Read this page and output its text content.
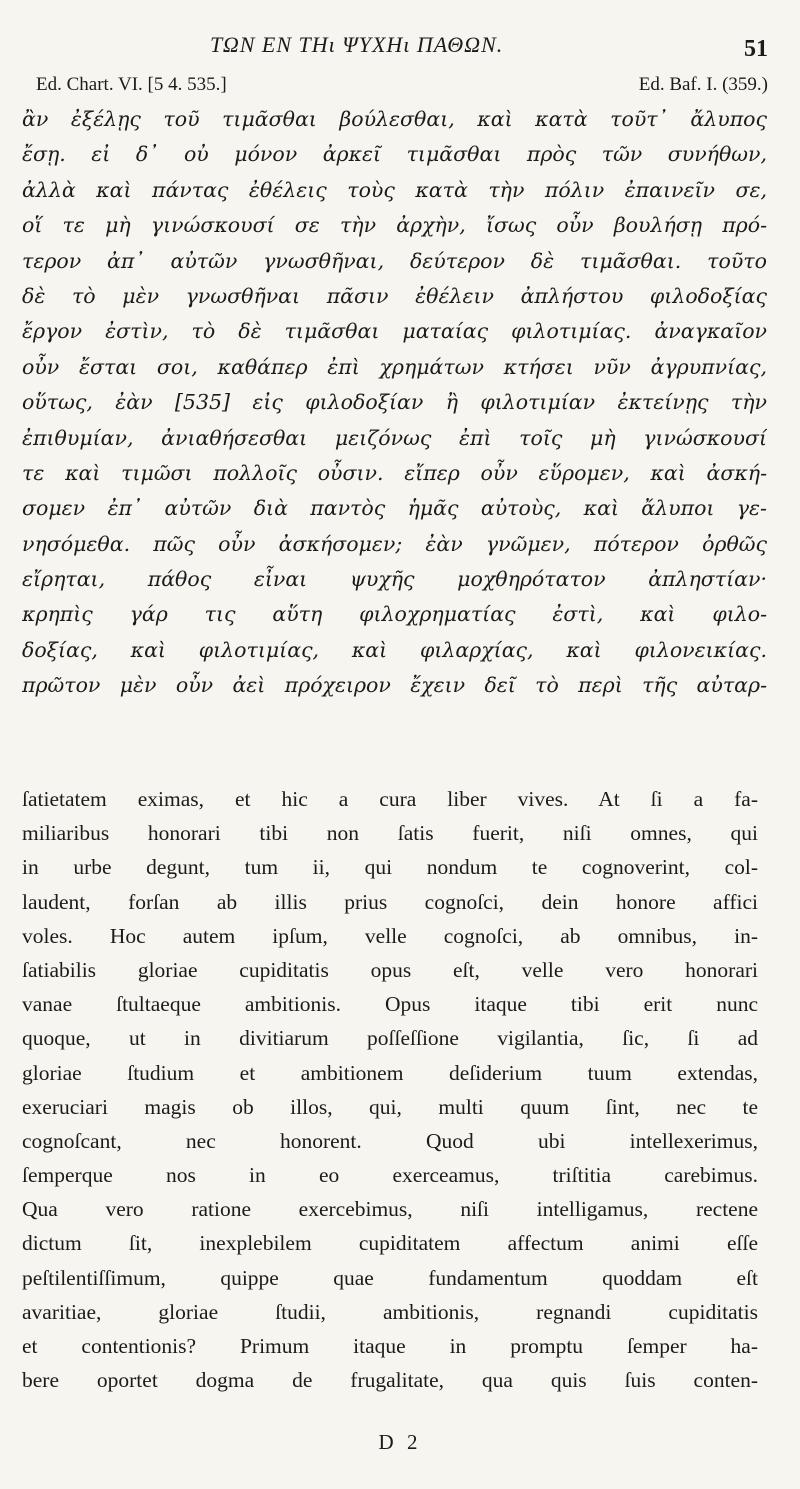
ΤΩΝ ΕΝ ΤΗι ΨΥΧΗι ΠΑΘΩΝ.	51
Ed. Chart. VI. [5 4. 535.]	Ed. Baf. I. (359.)
ἂν ἐξέλῃς τοῦ τιμᾶσθαι βούλεσθαι, καὶ κατὰ τοῦτ᾽ ἄλυπος
ἔσῃ. εἰ δ᾽ οὐ μόνον ἀρκεῖ τιμᾶσθαι πρὸς τῶν συνήθων,
ἀλλὰ καὶ πάντας ἐθέλεις τοὺς κατὰ τὴν πόλιν ἐπαινεῖν σε,
οἵ τε μὴ γινώσκουσί σε τὴν ἀρχὴν, ἴσως οὖν βουλήσῃ πρό-
τερον ἀπ᾽ αὐτῶν γνωσθῆναι, δεύτερον δὲ τιμᾶσθαι. τοῦτο
δὲ τὸ μὲν γνωσθῆναι πᾶσιν ἐθέλειν ἀπλήστου φιλοδοξίας
ἔργον ἐστὶν, τὸ δὲ τιμᾶσθαι ματαίας φιλοτιμίας. ἀναγκαῖον
οὖν ἔσται σοι, καθάπερ ἐπὶ χρημάτων κτήσει νῦν ἀγρυπνίας,
οὕτως, ἐὰν [535] εἰς φιλοδοξίαν ἢ φιλοτιμίαν ἐκτείνῃς τὴν
ἐπιθυμίαν, ἀνιαθήσεσθαι μειζόνως ἐπὶ τοῖς μὴ γινώσκουσί
τε καὶ τιμῶσι πολλοῖς οὖσιν. εἴπερ οὖν εὕρομεν, καὶ ἀσκή-
σομεν ἐπ᾽ αὐτῶν διὰ παντὸς ἡμᾶς αὐτοὺς, καὶ ἄλυποι γε-
νησόμεθα. πῶς οὖν ἀσκήσομεν; ἐὰν γνῶμεν, πότερον ὀρθῶς
εἴρηται, πάθος εἶναι ψυχῆς μοχθηρότατον ἀπληστίαν·
κρηπὶς γάρ τις αὕτη φιλοχρηματίας ἐστὶ, καὶ φιλο-
δοξίας, καὶ φιλοτιμίας, καὶ φιλαρχίας, καὶ φιλονεικίας.
πρῶτον μὲν οὖν ἀεὶ πρόχειρον ἔχειν δεῖ τὸ περὶ τῆς αὐταρ-
ſatietatem eximas, et hic a cura liber vives. At ſi a fa-
miliaribus honorari tibi non ſatis fuerit, niſi omnes, qui
in urbe degunt, tum ii, qui nondum te cognoverint, col-
laudent, forſan ab illis prius cognoſci, dein honore affici
voles. Hoc autem ipſum, velle cognoſci, ab omnibus, in-
ſatiabilis gloriae cupiditatis opus eſt, velle vero honorari
vanae ſtultaeque ambitionis. Opus itaque tibi erit nunc
quoque, ut in divitiarum poſſeſſione vigilantia, ſic, ſi ad
gloriae ſtudium et ambitionem deſiderium tuum extendas,
exeruciari magis ob illos, qui, multi quum ſint, nec te
cognoſcant, nec honorent. Quod ubi intellexerimus,
ſemperque nos in eo exerceamus, triſtitia carebimus.
Qua vero ratione exercebimus, niſi intelligamus, rectene
dictum ſit, inexplebilem cupiditatem affectum animi eſſe
peſtilentiſſimum, quippe quae fundamentum quoddam eſt
avaritiae, gloriae ſtudii, ambitionis, regnandi cupiditatis
et contentionis? Primum itaque in promptu ſemper ha-
bere oportet dogma de frugalitate, qua quis ſuis conten-
D 2
